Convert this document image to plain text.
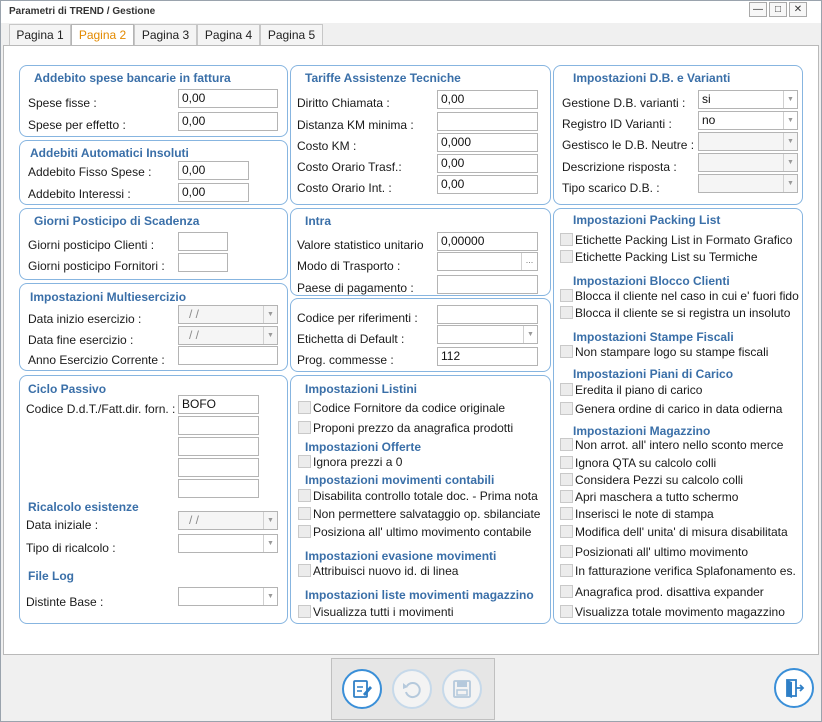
Parametri di TREND / Gestione	—	□	✕
Pagina 1	Pagina 2	Pagina 3	Pagina 4	Pagina 5
Addebito spese bancarie in fattura
Spese fisse :	0,00
Spese per effetto :	0,00
Addebiti Automatici Insoluti
Addebito Fisso Spese :	0,00
Addebito Interessi :	0,00
Giorni Posticipo di Scadenza
Giorni posticipo Clienti :
Giorni posticipo Fornitori :
Impostazioni Multiesercizio
Data inizio esercizio :	/ /	▼
Data fine esercizio :	/ /	▼
Anno Esercizio Corrente :
Ciclo Passivo
Codice D.d.T./Fatt.dir. forn. : BOFO
Ricalcolo esistenze
Data iniziale :	/ /	▼
Tipo di ricalcolo :	▼
File Log
Distinte Base :	▼
Tariffe Assistenze Tecniche
Diritto Chiamata :	0,00
Distanza KM minima :
Costo KM :	0,000
Costo Orario Trasf.:	0,00
Costo Orario Int. :	0,00
Intra
Valore statistico unitario	0,00000
Modo di Trasporto :	...
Paese di pagamento :
Codice per riferimenti :
Etichetta di Default :	▼
Prog. commesse :	112
Impostazioni Listini
Codice Fornitore da codice originale
Proponi prezzo da anagrafica prodotti
Impostazioni Offerte
Ignora prezzi a 0
Impostazioni movimenti contabili
Disabilita controllo totale doc. - Prima nota
Non permettere salvataggio op. sbilanciate
Posiziona all' ultimo movimento contabile
Impostazioni evasione movimenti
Attribuisci nuovo id. di linea
Impostazioni liste movimenti magazzino
Visualizza tutti i movimenti
Impostazioni D.B. e Varianti
Gestione D.B. varianti :	si	▼
Registro ID Varianti :	no	▼
Gestisco le D.B. Neutre :	▼
Descrizione risposta :	▼
Tipo scarico D.B. :	▼
Impostazioni Packing List
Etichette Packing List in Formato Grafico
Etichette Packing List su Termiche
Impostazioni Blocco Clienti
Blocca il cliente nel caso in cui e' fuori fido
Blocca il cliente se si registra un insoluto
Impostazioni Stampe Fiscali
Non stampare logo su stampe fiscali
Impostazioni Piani di Carico
Eredita il piano di carico
Genera ordine di carico in data odierna
Impostazioni Magazzino
Non arrot. all' intero nello sconto merce
Ignora QTA su calcolo colli
Considera Pezzi su calcolo colli
Apri maschera a tutto schermo
Inserisci le note di stampa
Modifica dell' unita' di misura disabilitata
Posizionati all' ultimo movimento
In fatturazione verifica Splafonamento es.
Anagrafica prod. disattiva expander
Visualizza totale movimento magazzino
